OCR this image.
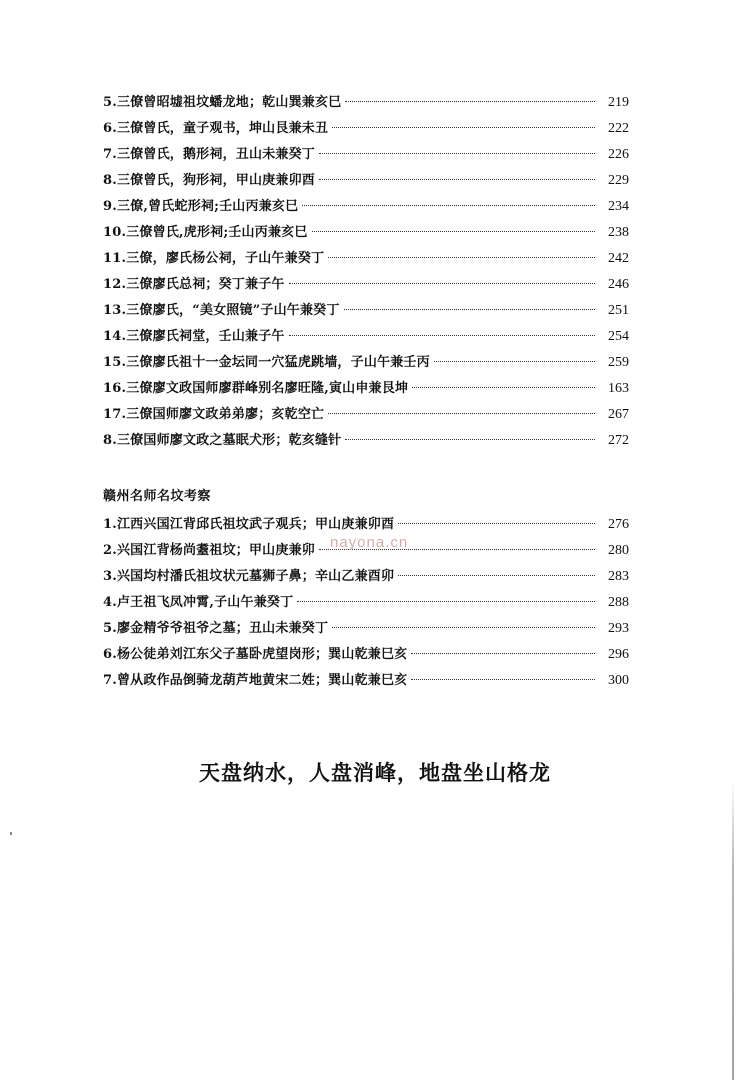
5.三僚曾昭墟祖坟蟠龙地；乾山巽兼亥巳	219
6.三僚曾氏，童子观书，坤山艮兼未丑	222
7.三僚曾氏，鹅形祠，丑山未兼癸丁	226
8.三僚曾氏，狗形祠，甲山庚兼卯酉	229
9.三僚,曾氏蛇形祠;壬山丙兼亥巳	234
10.三僚曾氏,虎形祠;壬山丙兼亥巳	238
11.三僚，廖氏杨公祠，子山午兼癸丁	242
12.三僚廖氏总祠；癸丁兼子午	246
13.三僚廖氏，“美女照镜”子山午兼癸丁	251
14.三僚廖氏祠堂，壬山兼子午	254
15.三僚廖氏祖十一金坛同一穴猛虎跳墙，子山午兼壬丙	259
16.三僚廖文政国师廖群峰别名廖旺隆,寅山申兼艮坤	163
17.三僚国师廖文政弟弟廖；亥乾空亡	267
8.三僚国师廖文政之墓眠犬形；乾亥缝针	272
赣州名师名坟考察
1.江西兴国江背邱氏祖坟武子观兵；甲山庚兼卯酉	276
2.兴国江背杨尚耋祖坟；甲山庚兼卯	280
3.兴国均村潘氏祖坟状元墓狮子鼻；辛山乙兼酉卯	283
4.卢王祖飞凤冲霄,子山午兼癸丁	288
5.廖金精爷爷祖爷之墓；丑山未兼癸丁	293
6.杨公徒弟刘江东父子墓卧虎望岗形；巽山乾兼巳亥	296
7.曾从政作品倒骑龙葫芦地黄宋二姓；巽山乾兼巳亥	300
nayona.cn
天盘纳水，人盘消峰，地盘坐山格龙
